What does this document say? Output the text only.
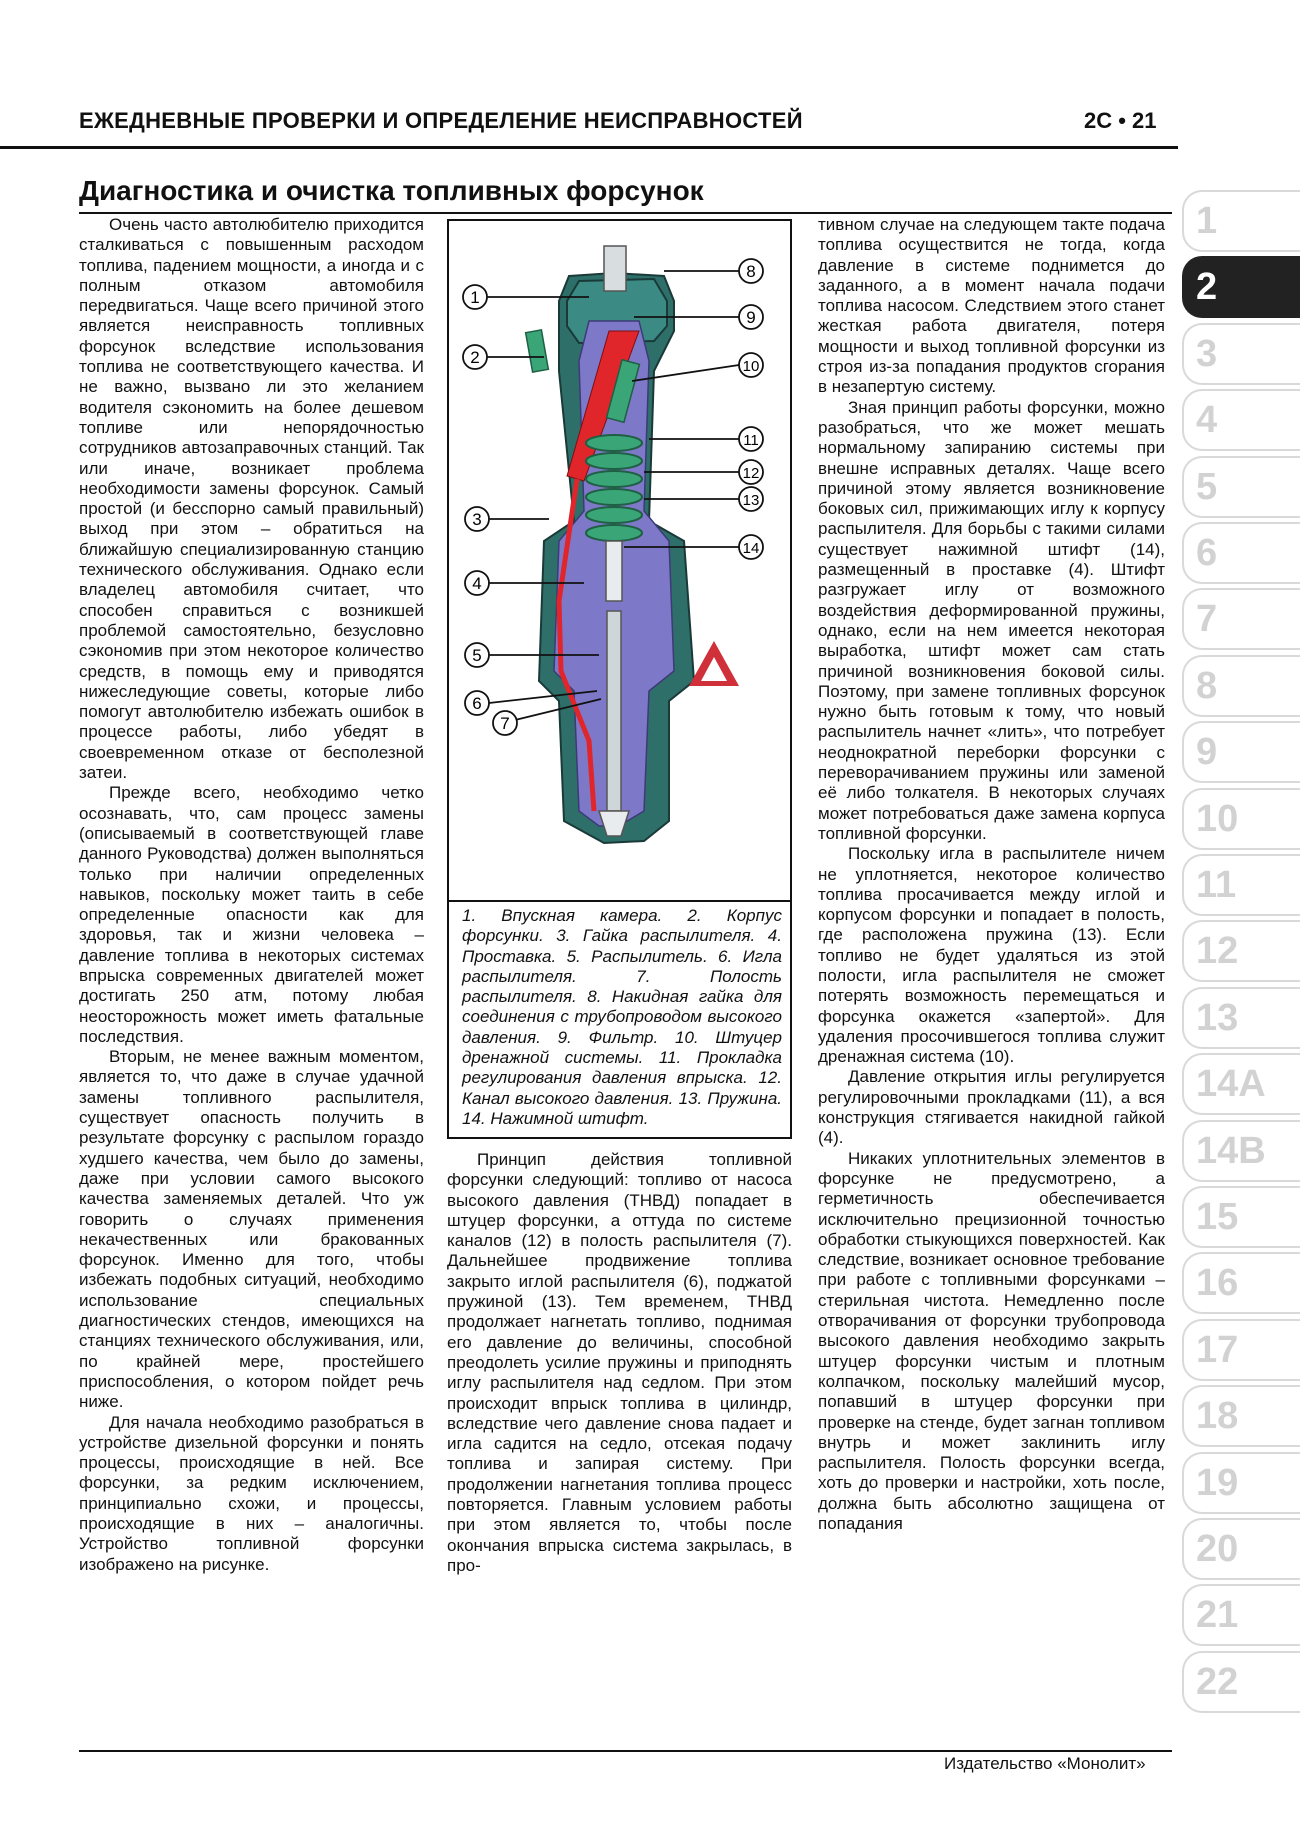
ЕЖЕДНЕВНЫЕ ПРОВЕРКИ И ОПРЕДЕЛЕНИЕ НЕИСПРАВНОСТЕЙ	2С • 21
Диагностика и очистка топливных форсунок

Очень часто автолюбителю приходится сталкиваться с повышенным расходом топлива, падением мощности, а иногда и с полным отказом автомобиля передвигаться. Чаще всего причиной этого является неисправность топливных форсунок вследствие использования топлива не соответствующего качества. И не важно, вызвано ли это желанием водителя сэкономить на более дешевом топливе или непорядочностью сотрудников автозаправочных станций. Так или иначе, возникает проблема необходимости замены форсунок. Самый простой (и бесспорно самый правильный) выход при этом – обратиться на ближайшую специализированную станцию технического обслуживания. Однако если владелец автомобиля считает, что способен справиться с возникшей проблемой самостоятельно, безусловно сэкономив при этом некоторое количество средств, в помощь ему и приводятся нижеследующие советы, которые либо помогут автолюбителю избежать ошибок в процессе работы, либо убедят в своевременном отказе от бесполезной затеи.

Прежде всего, необходимо четко осознавать, что, сам процесс замены (описываемый в соответствующей главе данного Руководства) должен выполняться только при наличии определенных навыков, поскольку может таить в себе определенные опасности как для здоровья, так и жизни человека – давление топлива в некоторых системах впрыска современных двигателей может достигать 250 атм, потому любая неосторожность может иметь фатальные последствия.

Вторым, не менее важным моментом, является то, что даже в случае удачной замены топливного распылителя, существует опасность получить в результате форсунку с распылом гораздо худшего качества, чем было до замены, даже при условии самого высокого качества заменяемых деталей. Что уж говорить о случаях применения некачественных или бракованных форсунок. Именно для того, чтобы избежать подобных ситуаций, необходимо использование специальных диагностических стендов, имеющихся на станциях технического обслуживания, или, по крайней мере, простейшего приспособления, о котором пойдет речь ниже.

Для начала необходимо разобраться в устройстве дизельной форсунки и понять процессы, происходящие в ней. Все форсунки, за редким исключением, принципиально схожи, и процессы, происходящие в них – аналогичны. Устройство топливной форсунки изображено на рисунке.

1
2
3
4
5
6
7
8
9
10
11
12
13
14
1. Впускная камера. 2. Корпус форсунки. 3. Гайка распылителя. 4. Проставка. 5. Распылитель. 6. Игла распылителя. 7. Полость распылителя. 8. Накидная гайка для соединения с трубопроводом высокого давления. 9. Фильтр. 10. Штуцер дренажной системы. 11. Прокладка регулирования давления впрыска. 12. Канал высокого давления. 13. Пружина. 14. Нажимной штифт.

Принцип действия топливной форсунки следующий: топливо от насоса высокого давления (ТНВД) попадает в штуцер форсунки, а оттуда по системе каналов (12) в полость распылителя (7). Дальнейшее продвижение топлива закрыто иглой распылителя (6), поджатой пружиной (13). Тем временем, ТНВД продолжает нагнетать топливо, поднимая его давление до величины, способной преодолеть усилие пружины и приподнять иглу распылителя над седлом. При этом происходит впрыск топлива в цилиндр, вследствие чего давление снова падает и игла садится на седло, отсекая подачу топлива и запирая систему. При продолжении нагнетания топлива процесс повторяется. Главным условием работы при этом является то, чтобы после окончания впрыска система закрылась, в про-

тивном случае на следующем такте подача топлива осуществится не тогда, когда давление в системе поднимется до заданного, а в момент начала подачи топлива насосом. Следствием этого станет жесткая работа двигателя, потеря мощности и выход топливной форсунки из строя из-за попадания продуктов сгорания в незапертую систему.

Зная принцип работы форсунки, можно разобраться, что же может мешать нормальному запиранию системы при внешне исправных деталях. Чаще всего причиной этому является возникновение боковых сил, прижимающих иглу к корпусу распылителя. Для борьбы с такими силами существует нажимной штифт (14), размещенный в проставке (4). Штифт разгружает иглу от возможного воздействия деформированной пружины, однако, если на нем имеется некоторая выработка, штифт может сам стать причиной возникновения боковой силы. Поэтому, при замене топливных форсунок нужно быть готовым к тому, что новый распылитель начнет «лить», что потребует неоднократной переборки форсунки с переворачиванием пружины или заменой её либо толкателя. В некоторых случаях может потребоваться даже замена корпуса топливной форсунки.

Поскольку игла в распылителе ничем не уплотняется, некоторое количество топлива просачивается между иглой и корпусом форсунки и попадает в полость, где расположена пружина (13). Если топливо не будет удаляться из этой полости, игла распылителя не сможет потерять возможность перемещаться и форсунка окажется «запертой». Для удаления просочившегося топлива служит дренажная система (10).

Давление открытия иглы регулируется регулировочными прокладками (11), а вся конструкция стягивается накидной гайкой (4).

Никаких уплотнительных элементов в форсунке не предусмотрено, а герметичность обеспечивается исключительно прецизионной точностью обработки стыкующихся поверхностей. Как следствие, возникает основное требование при работе с топливными форсунками – стерильная чистота. Немедленно после отворачивания от форсунки трубопровода высокого давления необходимо закрыть штуцер форсунки чистым и плотным колпачком, поскольку малейший мусор, попавший в штуцер форсунки при проверке на стенде, будет загнан топливом внутрь и может заклинить иглу распылителя. Полость форсунки всегда, хоть до проверки и настройки, хоть после, должна быть абсолютно защищена от попадания

1
2
3
4
5
6
7
8
9
10
11
12
13
14А
14В
15
16
17
18
19
20
21
22
Издательство «Монолит»
